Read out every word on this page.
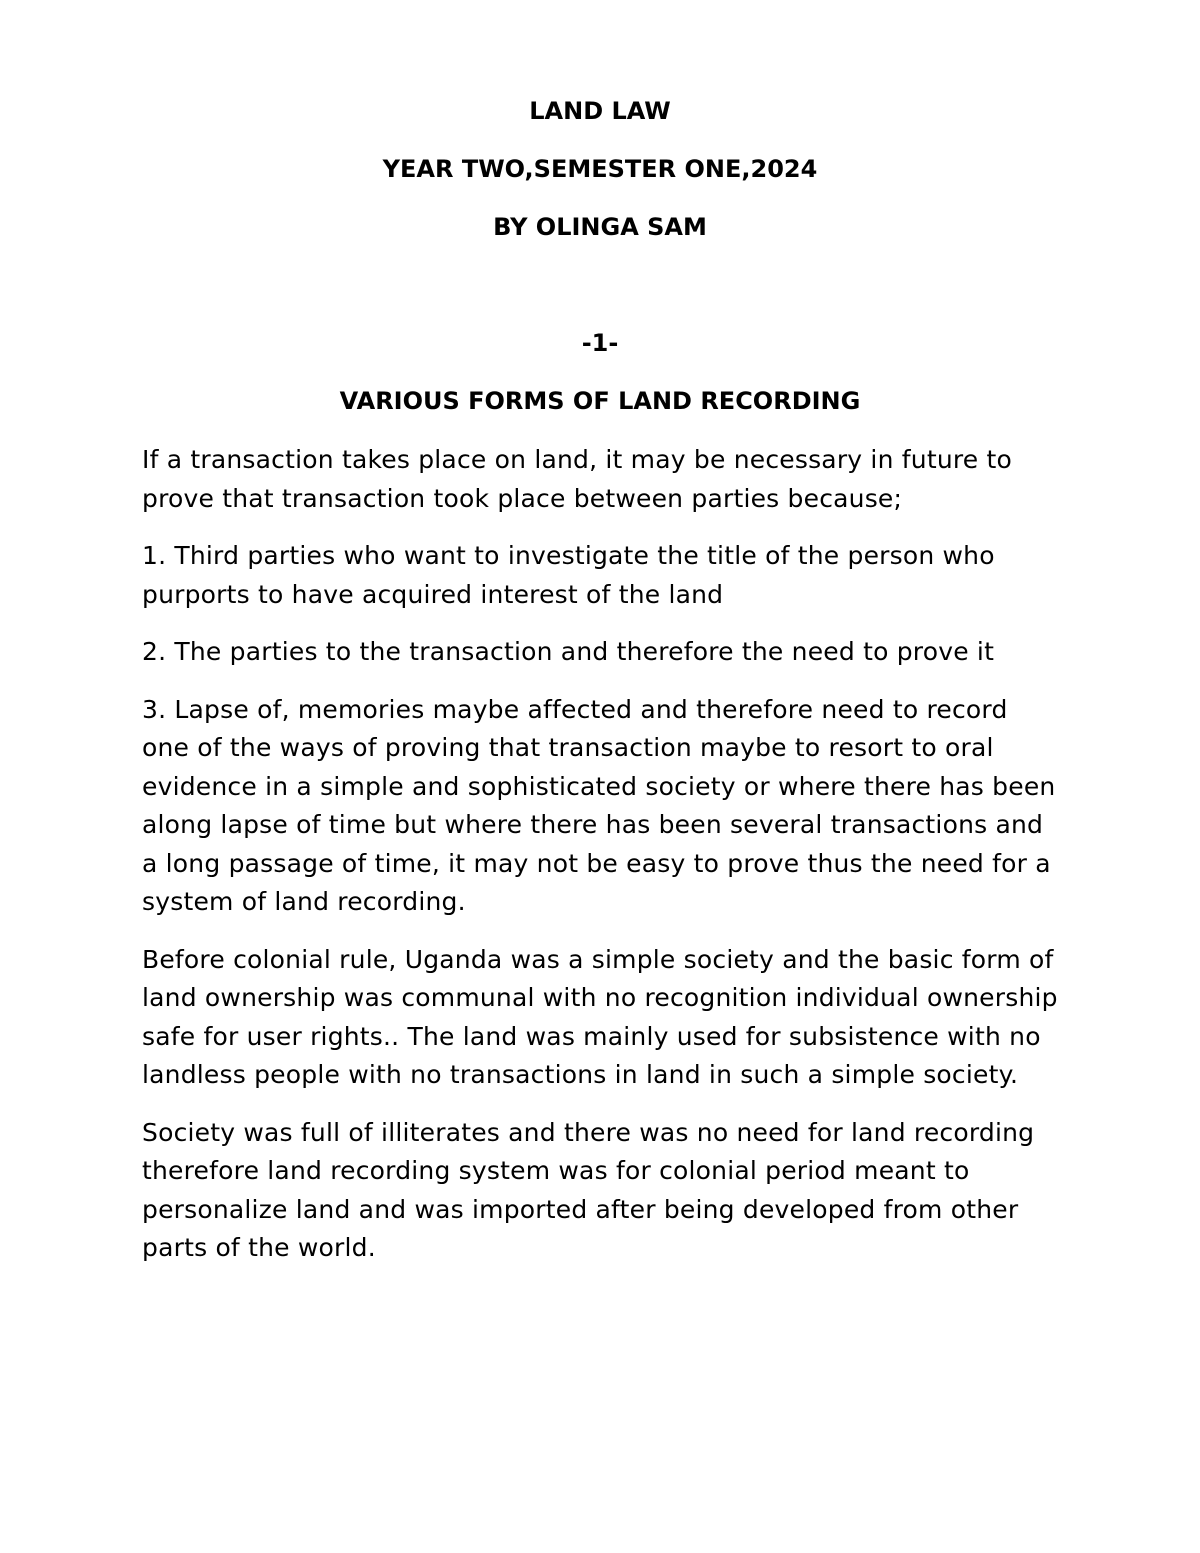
LAND LAW

YEAR TWO,SEMESTER ONE,2024

BY OLINGA SAM

-1-

VARIOUS FORMS OF LAND RECORDING

If a transaction takes place on land, it may be necessary in future to prove that transaction took place between parties because;

1. Third parties who want to investigate the title of the person who purports to have acquired interest of the land

2. The parties to the transaction and therefore the need to prove it

3. Lapse of, memories maybe affected and therefore need to record one of the ways of proving that transaction maybe to resort to oral evidence in a simple and sophisticated society or where there has been along lapse of time but where there has been several transactions and a long passage of time, it may not be easy to prove thus the need for a system of land recording.

Before colonial rule, Uganda was a simple society and the basic form of land ownership was communal with no recognition individual ownership safe for user rights.. The land was mainly used for subsistence with no landless people with no transactions in land in such a simple society.

Society was full of illiterates and there was no need for land recording therefore land recording system was for colonial period meant to personalize land and was imported after being developed from other parts of the world.
